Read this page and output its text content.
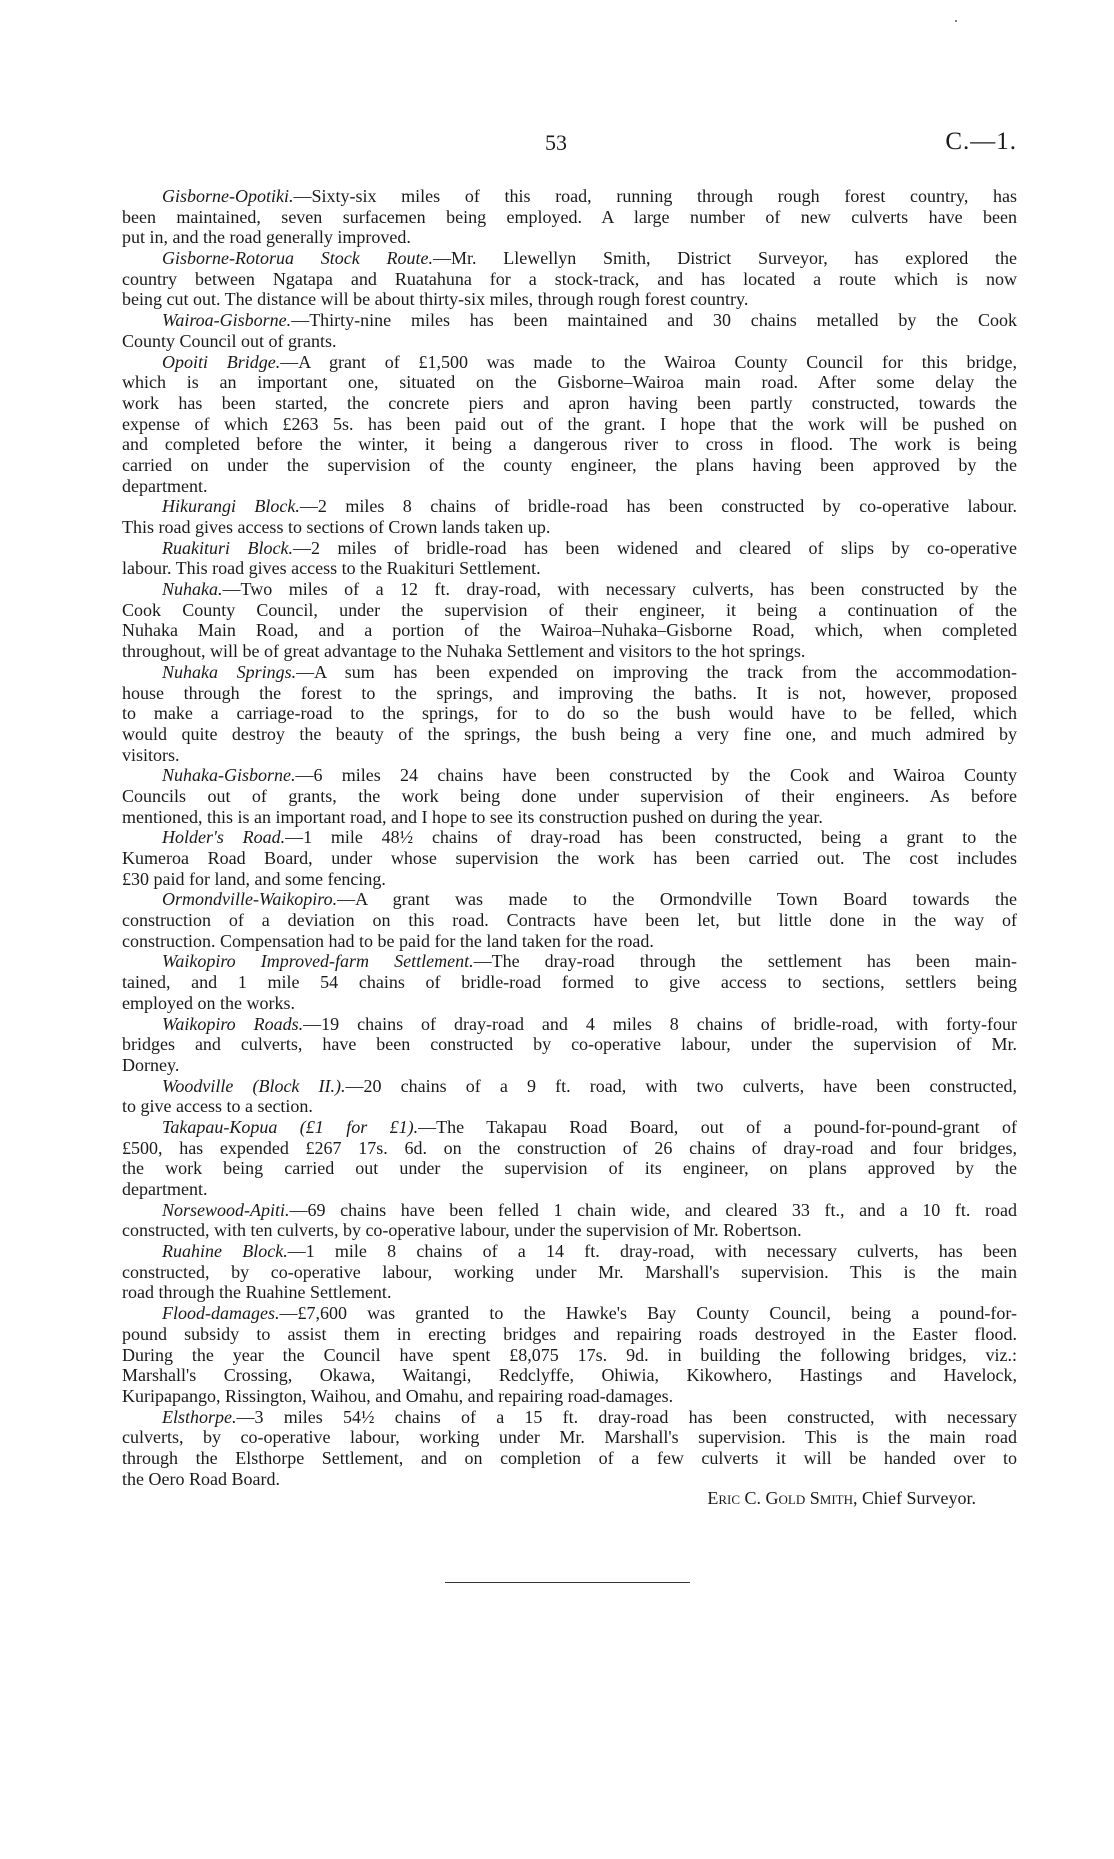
53	C.—1.
Gisborne-Opotiki.—Sixty-six miles of this road, running through rough forest country, has
been maintained, seven surfacemen being employed. A large number of new culverts have been
put in, and the road generally improved.
Gisborne-Rotorua Stock Route.—Mr. Llewellyn Smith, District Surveyor, has explored the
country between Ngatapa and Ruatahuna for a stock-track, and has located a route which is now
being cut out. The distance will be about thirty-six miles, through rough forest country.
Wairoa-Gisborne.—Thirty-nine miles has been maintained and 30 chains metalled by the Cook
County Council out of grants.
Opoiti Bridge.—A grant of £1,500 was made to the Wairoa County Council for this bridge,
which is an important one, situated on the Gisborne–Wairoa main road. After some delay the
work has been started, the concrete piers and apron having been partly constructed, towards the
expense of which £263 5s. has been paid out of the grant. I hope that the work will be pushed on
and completed before the winter, it being a dangerous river to cross in flood. The work is being
carried on under the supervision of the county engineer, the plans having been approved by the
department.
Hikurangi Block.—2 miles 8 chains of bridle-road has been constructed by co-operative labour.
This road gives access to sections of Crown lands taken up.
Ruakituri Block.—2 miles of bridle-road has been widened and cleared of slips by co-operative
labour. This road gives access to the Ruakituri Settlement.
Nuhaka.—Two miles of a 12 ft. dray-road, with necessary culverts, has been constructed by the
Cook County Council, under the supervision of their engineer, it being a continuation of the
Nuhaka Main Road, and a portion of the Wairoa–Nuhaka–Gisborne Road, which, when completed
throughout, will be of great advantage to the Nuhaka Settlement and visitors to the hot springs.
Nuhaka Springs.—A sum has been expended on improving the track from the accommodation-
house through the forest to the springs, and improving the baths. It is not, however, proposed
to make a carriage-road to the springs, for to do so the bush would have to be felled, which
would quite destroy the beauty of the springs, the bush being a very fine one, and much admired by
visitors.
Nuhaka-Gisborne.—6 miles 24 chains have been constructed by the Cook and Wairoa County
Councils out of grants, the work being done under supervision of their engineers. As before
mentioned, this is an important road, and I hope to see its construction pushed on during the year.
Holder's Road.—1 mile 48½ chains of dray-road has been constructed, being a grant to the
Kumeroa Road Board, under whose supervision the work has been carried out. The cost includes
£30 paid for land, and some fencing.
Ormondville-Waikopiro.—A grant was made to the Ormondville Town Board towards the
construction of a deviation on this road. Contracts have been let, but little done in the way of
construction. Compensation had to be paid for the land taken for the road.
Waikopiro Improved-farm Settlement.—The dray-road through the settlement has been main-
tained, and 1 mile 54 chains of bridle-road formed to give access to sections, settlers being
employed on the works.
Waikopiro Roads.—19 chains of dray-road and 4 miles 8 chains of bridle-road, with forty-four
bridges and culverts, have been constructed by co-operative labour, under the supervision of Mr.
Dorney.
Woodville (Block II.).—20 chains of a 9 ft. road, with two culverts, have been constructed,
to give access to a section.
Takapau-Kopua (£1 for £1).—The Takapau Road Board, out of a pound-for-pound-grant of
£500, has expended £267 17s. 6d. on the construction of 26 chains of dray-road and four bridges,
the work being carried out under the supervision of its engineer, on plans approved by the
department.
Norsewood-Apiti.—69 chains have been felled 1 chain wide, and cleared 33 ft., and a 10 ft. road
constructed, with ten culverts, by co-operative labour, under the supervision of Mr. Robertson.
Ruahine Block.—1 mile 8 chains of a 14 ft. dray-road, with necessary culverts, has been
constructed, by co-operative labour, working under Mr. Marshall's supervision. This is the main
road through the Ruahine Settlement.
Flood-damages.—£7,600 was granted to the Hawke's Bay County Council, being a pound-for-
pound subsidy to assist them in erecting bridges and repairing roads destroyed in the Easter flood.
During the year the Council have spent £8,075 17s. 9d. in building the following bridges, viz.:
Marshall's Crossing, Okawa, Waitangi, Redclyffe, Ohiwia, Kikowhero, Hastings and Havelock,
Kuripapango, Rissington, Waihou, and Omahu, and repairing road-damages.
Elsthorpe.—3 miles 54½ chains of a 15 ft. dray-road has been constructed, with necessary
culverts, by co-operative labour, working under Mr. Marshall's supervision. This is the main road
through the Elsthorpe Settlement, and on completion of a few culverts it will be handed over to
the Oero Road Board.
Eric C. Gold Smith, Chief Surveyor.
